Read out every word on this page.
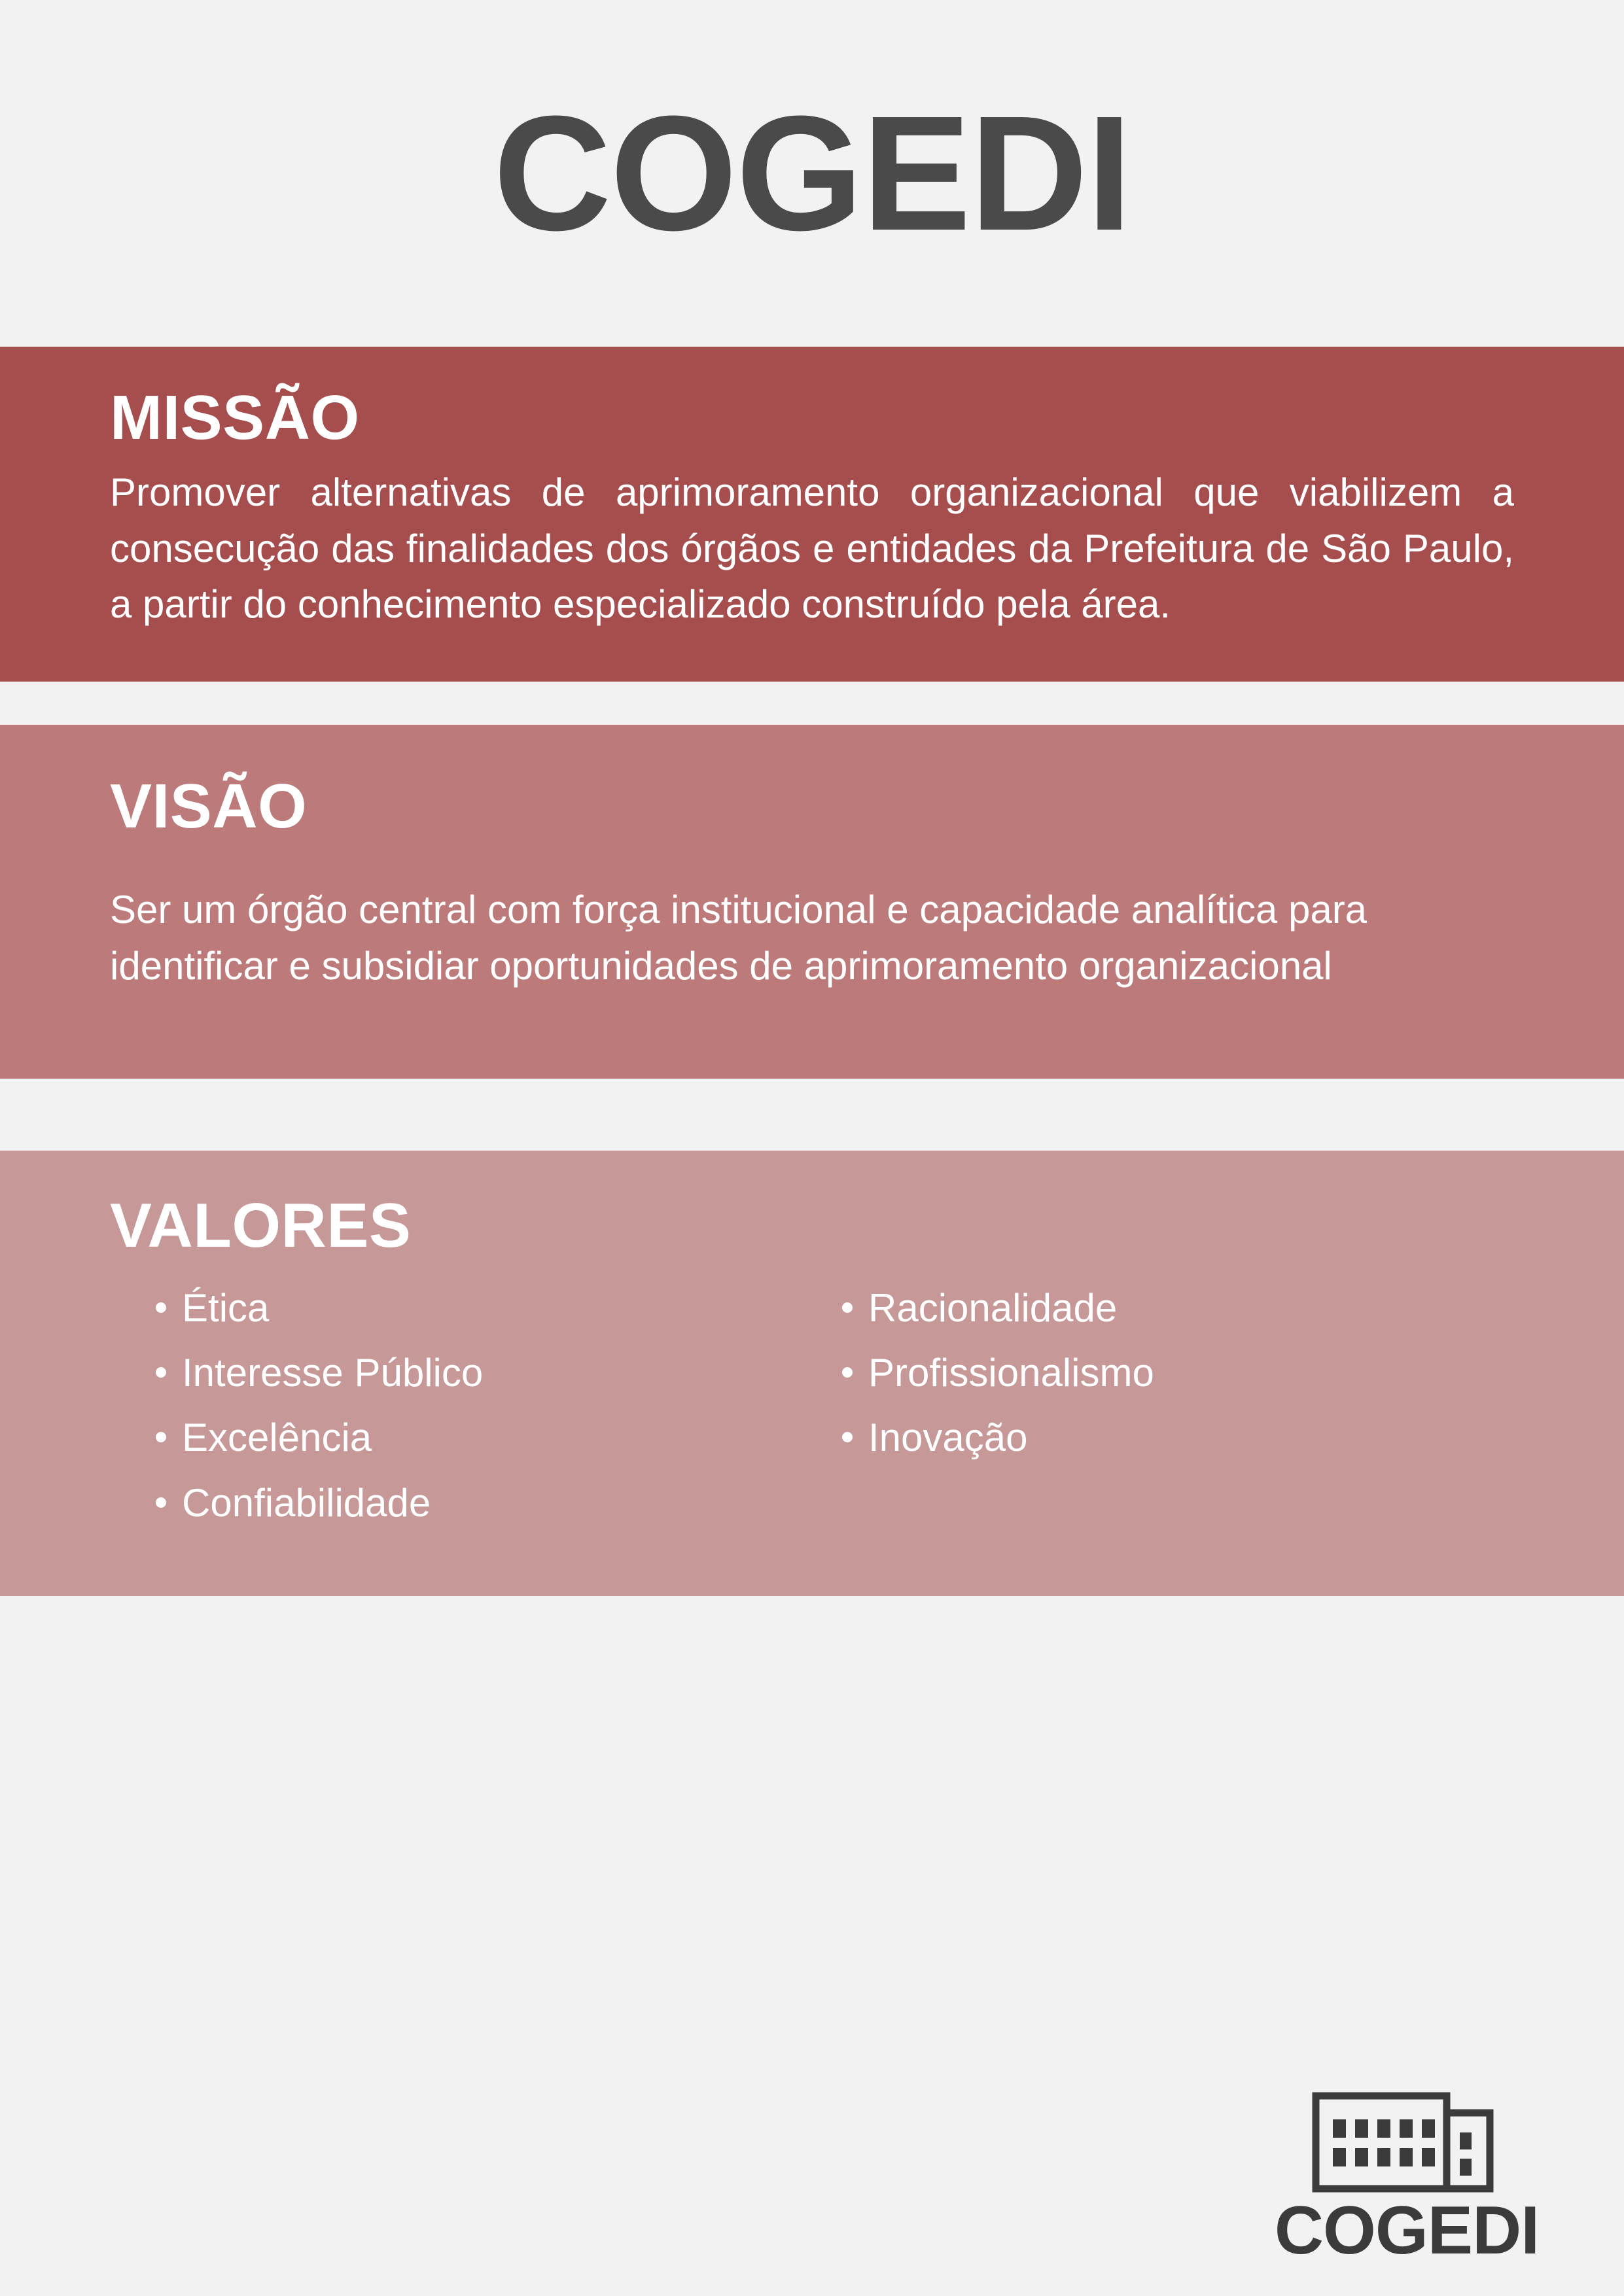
COGEDI
MISSÃO

Promover alternativas de aprimoramento organizacional que viabilizem a consecução das finalidades dos órgãos e entidades da Prefeitura de São Paulo, a partir do conhecimento especializado construído pela área.

VISÃO

Ser um órgão central com força institucional e capacidade analítica para identificar e subsidiar oportunidades de aprimoramento organizacional

VALORES
Ética
Interesse Público
Excelência
Confiabilidade
Racionalidade
Profissionalismo
Inovação
COGEDI
